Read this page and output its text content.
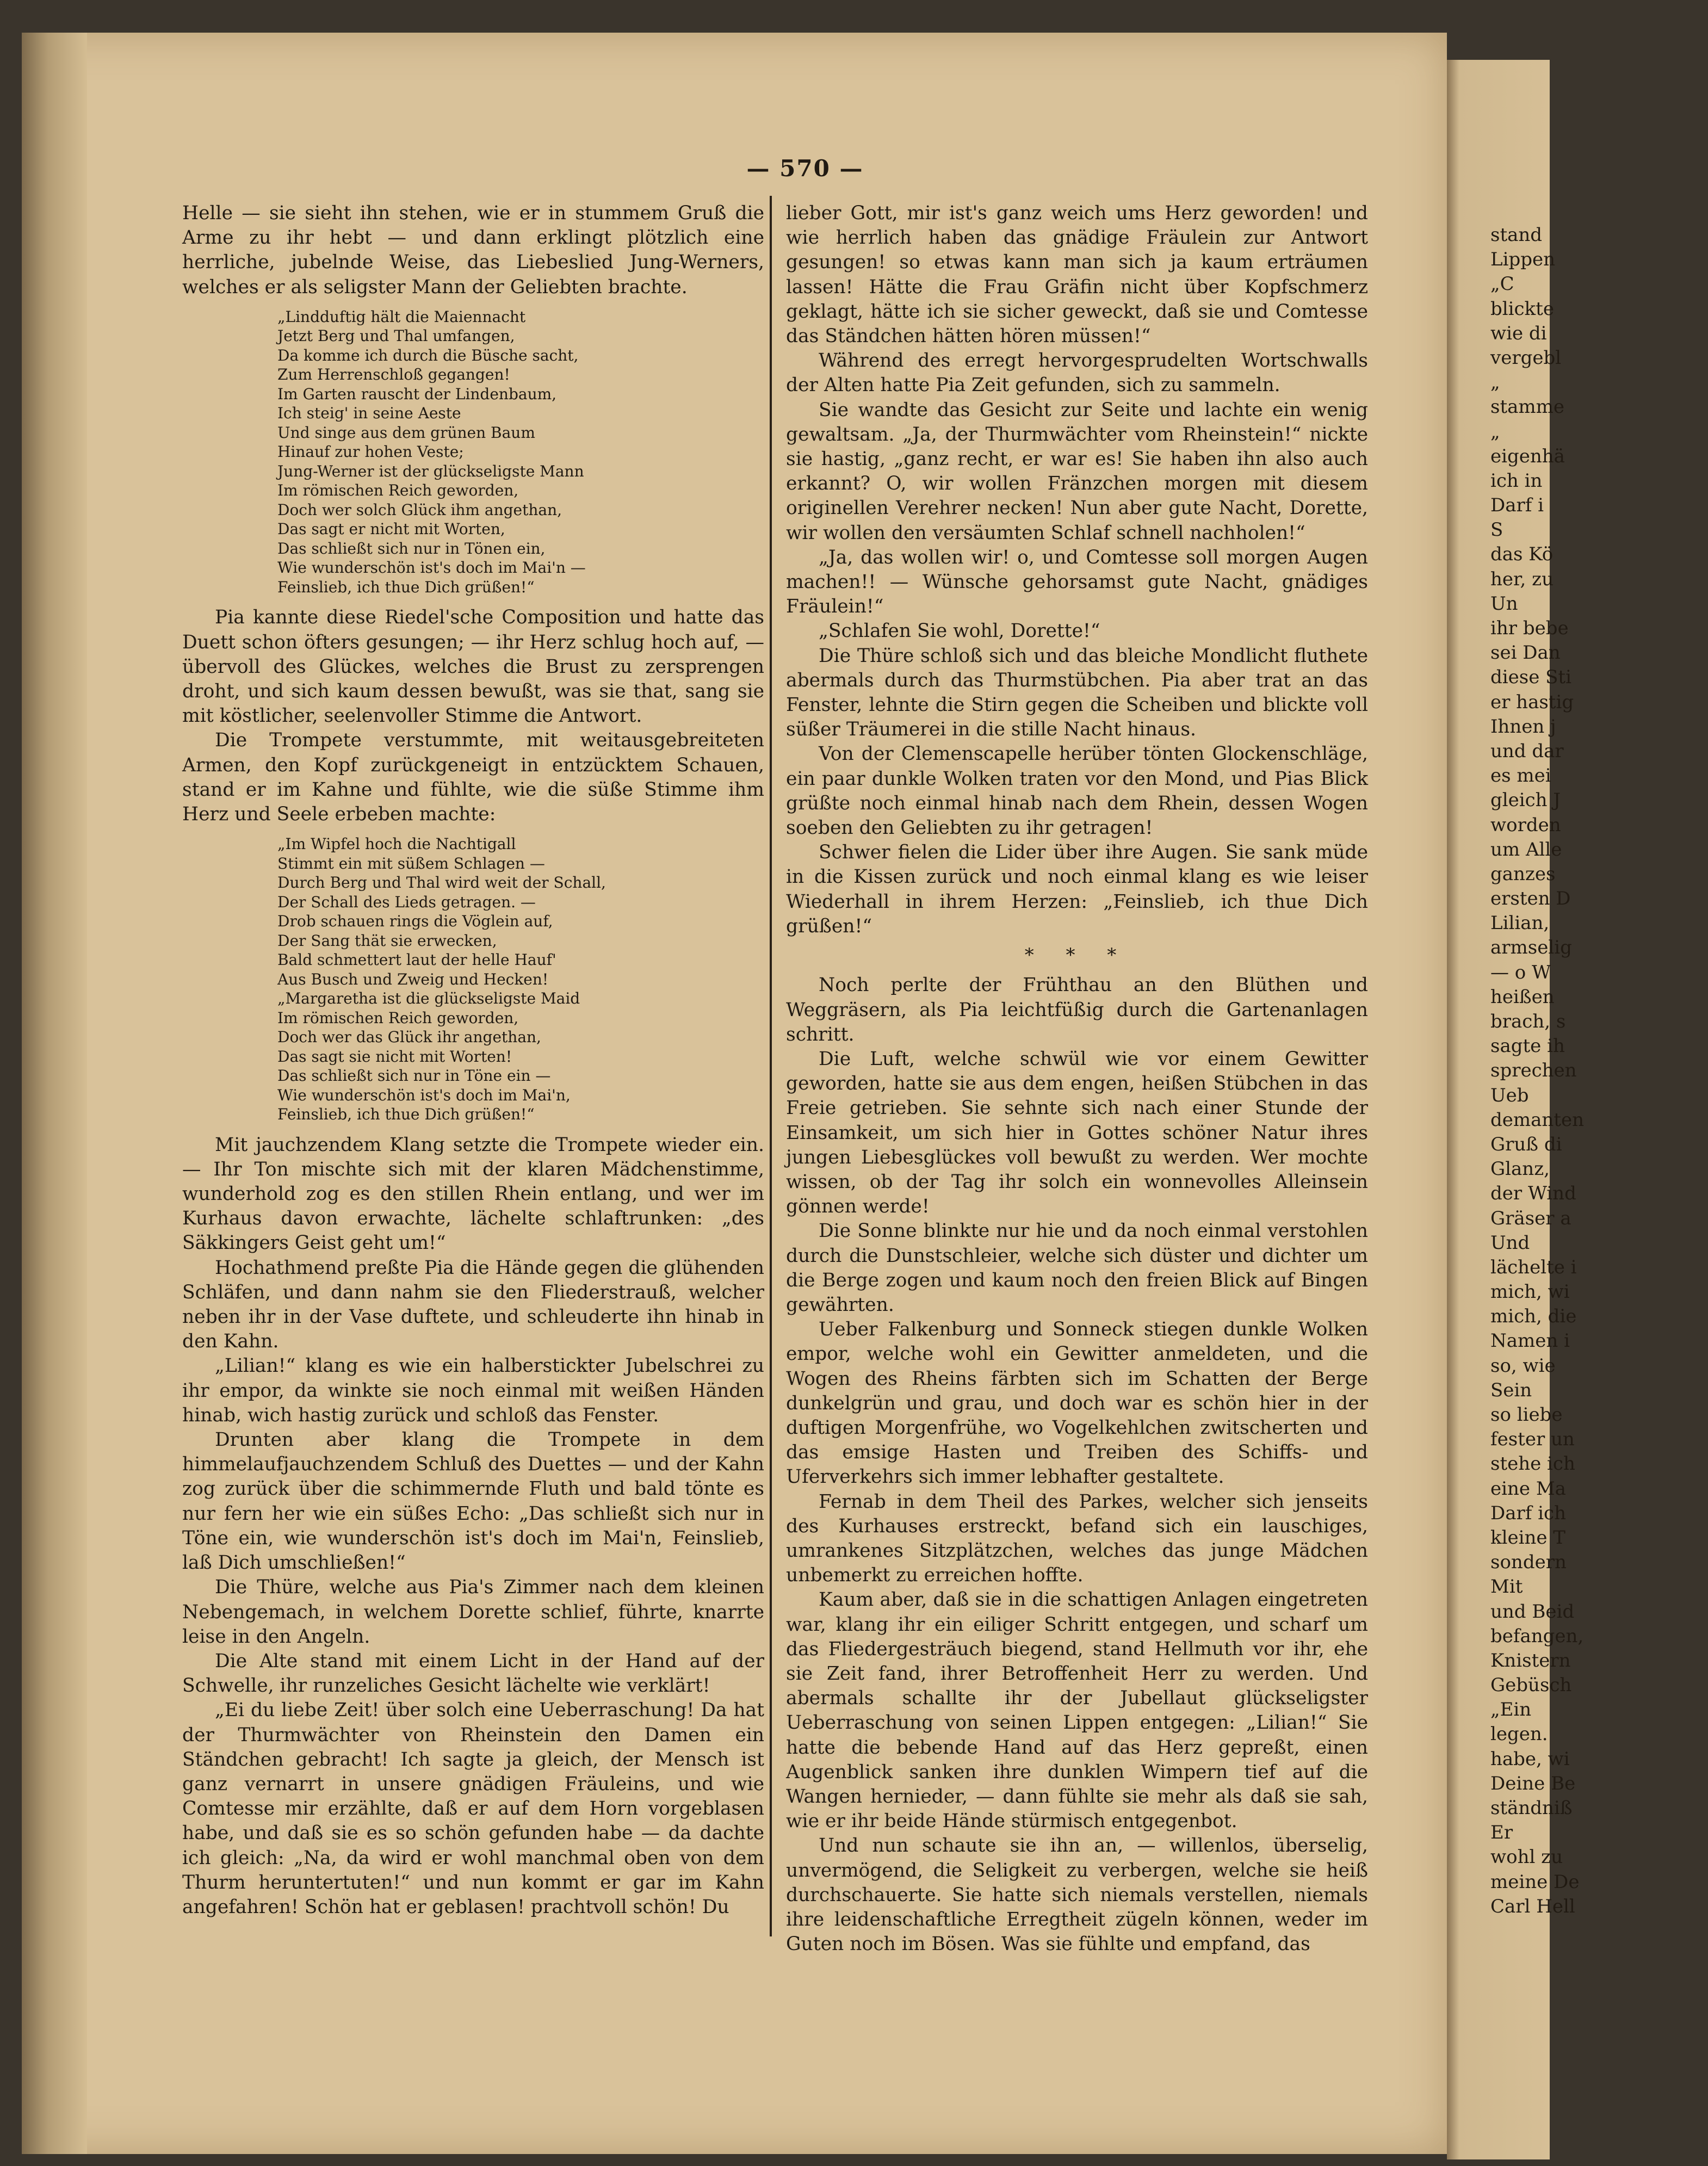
— 570 —

Helle — sie sieht ihn stehen, wie er in stummem Gruß die Arme zu ihr hebt — und dann erklingt plötzlich eine herrliche, jubelnde Weise, das Liebeslied Jung-Werners, welches er als seligster Mann der Geliebten brachte.

„Lindduftig hält die Maiennacht
Jetzt Berg und Thal umfangen,
Da komme ich durch die Büsche sacht,
Zum Herrenschloß gegangen!
Im Garten rauscht der Lindenbaum,
Ich steig' in seine Aeste
Und singe aus dem grünen Baum
Hinauf zur hohen Veste;
Jung-Werner ist der glückseligste Mann
Im römischen Reich geworden,
Doch wer solch Glück ihm angethan,
Das sagt er nicht mit Worten,
Das schließt sich nur in Tönen ein,
Wie wunderschön ist's doch im Mai'n —
Feinslieb, ich thue Dich grüßen!“

Pia kannte diese Riedel'sche Composition und hatte das Duett schon öfters gesungen; — ihr Herz schlug hoch auf, — übervoll des Glückes, welches die Brust zu zersprengen droht, und sich kaum dessen bewußt, was sie that, sang sie mit köstlicher, seelenvoller Stimme die Antwort.

Die Trompete verstummte, mit weitausgebreiteten Armen, den Kopf zurückgeneigt in entzücktem Schauen, stand er im Kahne und fühlte, wie die süße Stimme ihm Herz und Seele erbeben machte:

„Im Wipfel hoch die Nachtigall
Stimmt ein mit süßem Schlagen —
Durch Berg und Thal wird weit der Schall,
Der Schall des Lieds getragen. —
Drob schauen rings die Vöglein auf,
Der Sang thät sie erwecken,
Bald schmettert laut der helle Hauf'
Aus Busch und Zweig und Hecken!
„Margaretha ist die glückseligste Maid
Im römischen Reich geworden,
Doch wer das Glück ihr angethan,
Das sagt sie nicht mit Worten!
Das schließt sich nur in Töne ein —
Wie wunderschön ist's doch im Mai'n,
Feinslieb, ich thue Dich grüßen!“

Mit jauchzendem Klang setzte die Trompete wieder ein. — Ihr Ton mischte sich mit der klaren Mädchenstimme, wunderhold zog es den stillen Rhein entlang, und wer im Kurhaus davon erwachte, lächelte schlaftrunken: „des Säkkingers Geist geht um!“

Hochathmend preßte Pia die Hände gegen die glühenden Schläfen, und dann nahm sie den Fliederstrauß, welcher neben ihr in der Vase duftete, und schleuderte ihn hinab in den Kahn.

„Lilian!“ klang es wie ein halberstickter Jubelschrei zu ihr empor, da winkte sie noch einmal mit weißen Händen hinab, wich hastig zurück und schloß das Fenster.

Drunten aber klang die Trompete in dem himmelaufjauchzendem Schluß des Duettes — und der Kahn zog zurück über die schimmernde Fluth und bald tönte es nur fern her wie ein süßes Echo: „Das schließt sich nur in Töne ein, wie wunderschön ist's doch im Mai'n, Feinslieb, laß Dich umschließen!“

Die Thüre, welche aus Pia's Zimmer nach dem kleinen Nebengemach, in welchem Dorette schlief, führte, knarrte leise in den Angeln.

Die Alte stand mit einem Licht in der Hand auf der Schwelle, ihr runzeliches Gesicht lächelte wie verklärt!

„Ei du liebe Zeit! über solch eine Ueberraschung! Da hat der Thurmwächter von Rheinstein den Damen ein Ständchen gebracht! Ich sagte ja gleich, der Mensch ist ganz vernarrt in unsere gnädigen Fräuleins, und wie Comtesse mir erzählte, daß er auf dem Horn vorgeblasen habe, und daß sie es so schön gefunden habe — da dachte ich gleich: „Na, da wird er wohl manchmal oben von dem Thurm heruntertuten!“ und nun kommt er gar im Kahn angefahren! Schön hat er geblasen! prachtvoll schön! Du

lieber Gott, mir ist's ganz weich ums Herz geworden! und wie herrlich haben das gnädige Fräulein zur Antwort gesungen! so etwas kann man sich ja kaum erträumen lassen! Hätte die Frau Gräfin nicht über Kopfschmerz geklagt, hätte ich sie sicher geweckt, daß sie und Comtesse das Ständchen hätten hören müssen!“

Während des erregt hervorgesprudelten Wortschwalls der Alten hatte Pia Zeit gefunden, sich zu sammeln.

Sie wandte das Gesicht zur Seite und lachte ein wenig gewaltsam. „Ja, der Thurmwächter vom Rheinstein!“ nickte sie hastig, „ganz recht, er war es! Sie haben ihn also auch erkannt? O, wir wollen Fränzchen morgen mit diesem originellen Verehrer necken! Nun aber gute Nacht, Dorette, wir wollen den versäumten Schlaf schnell nachholen!“

„Ja, das wollen wir! o, und Comtesse soll morgen Augen machen!! — Wünsche gehorsamst gute Nacht, gnädiges Fräulein!“

„Schlafen Sie wohl, Dorette!“

Die Thüre schloß sich und das bleiche Mondlicht fluthete abermals durch das Thurmstübchen. Pia aber trat an das Fenster, lehnte die Stirn gegen die Scheiben und blickte voll süßer Träumerei in die stille Nacht hinaus.

Von der Clemenscapelle herüber tönten Glockenschläge, ein paar dunkle Wolken traten vor den Mond, und Pias Blick grüßte noch einmal hinab nach dem Rhein, dessen Wogen soeben den Geliebten zu ihr getragen!

Schwer fielen die Lider über ihre Augen. Sie sank müde in die Kissen zurück und noch einmal klang es wie leiser Wiederhall in ihrem Herzen: „Feinslieb, ich thue Dich grüßen!“

* * *

Noch perlte der Frühthau an den Blüthen und Weggräsern, als Pia leichtfüßig durch die Gartenanlagen schritt.

Die Luft, welche schwül wie vor einem Gewitter geworden, hatte sie aus dem engen, heißen Stübchen in das Freie getrieben. Sie sehnte sich nach einer Stunde der Einsamkeit, um sich hier in Gottes schöner Natur ihres jungen Liebesglückes voll bewußt zu werden. Wer mochte wissen, ob der Tag ihr solch ein wonnevolles Alleinsein gönnen werde!

Die Sonne blinkte nur hie und da noch einmal verstohlen durch die Dunstschleier, welche sich düster und dichter um die Berge zogen und kaum noch den freien Blick auf Bingen gewährten.

Ueber Falkenburg und Sonneck stiegen dunkle Wolken empor, welche wohl ein Gewitter anmeldeten, und die Wogen des Rheins färbten sich im Schatten der Berge dunkelgrün und grau, und doch war es schön hier in der duftigen Morgenfrühe, wo Vogelkehlchen zwitscherten und das emsige Hasten und Treiben des Schiffs- und Uferverkehrs sich immer lebhafter gestaltete.

Fernab in dem Theil des Parkes, welcher sich jenseits des Kurhauses erstreckt, befand sich ein lauschiges, umrankenes Sitzplätzchen, welches das junge Mädchen unbemerkt zu erreichen hoffte.

Kaum aber, daß sie in die schattigen Anlagen eingetreten war, klang ihr ein eiliger Schritt entgegen, und scharf um das Fliedergesträuch biegend, stand Hellmuth vor ihr, ehe sie Zeit fand, ihrer Betroffenheit Herr zu werden. Und abermals schallte ihr der Jubellaut glückseligster Ueberraschung von seinen Lippen entgegen: „Lilian!“ Sie hatte die bebende Hand auf das Herz gepreßt, einen Augenblick sanken ihre dunklen Wimpern tief auf die Wangen hernieder, — dann fühlte sie mehr als daß sie sah, wie er ihr beide Hände stürmisch entgegenbot.

Und nun schaute sie ihn an, — willenlos, überselig, unvermögend, die Seligkeit zu verbergen, welche sie heiß durchschauerte. Sie hatte sich niemals verstellen, niemals ihre leidenschaftliche Erregtheit zügeln können, weder im Guten noch im Bösen. Was sie fühlte und empfand, das

stand
Lippen
„C
blickte
wie di
vergebl
„
stamme
„
eigenhä
ich in
Darf i
S
das Kö
her, zu
Un
ihr bebe
sei Dan
diese Sti
er hastig
Ihnen j
und dar
es mei
gleich J
worden
um Alle
ganzes
ersten D
Lilian,
armselig
— o W
heißen
brach, s
sagte ih
sprechen
Ueb
demanten
Gruß di
Glanz,
der Wind
Gräser a
Und
lächelte i
mich, wi
mich, die
Namen i
so, wie
Sein
so liebe
fester un
stehe ich
eine Ma
Darf ich
kleine T
sondern
Mit
und Beid
befangen,
Knistern
Gebüsch
„Ein
legen.
habe, wi
Deine Be
ständniß
Er
wohl zu
meine De
Carl Hell
